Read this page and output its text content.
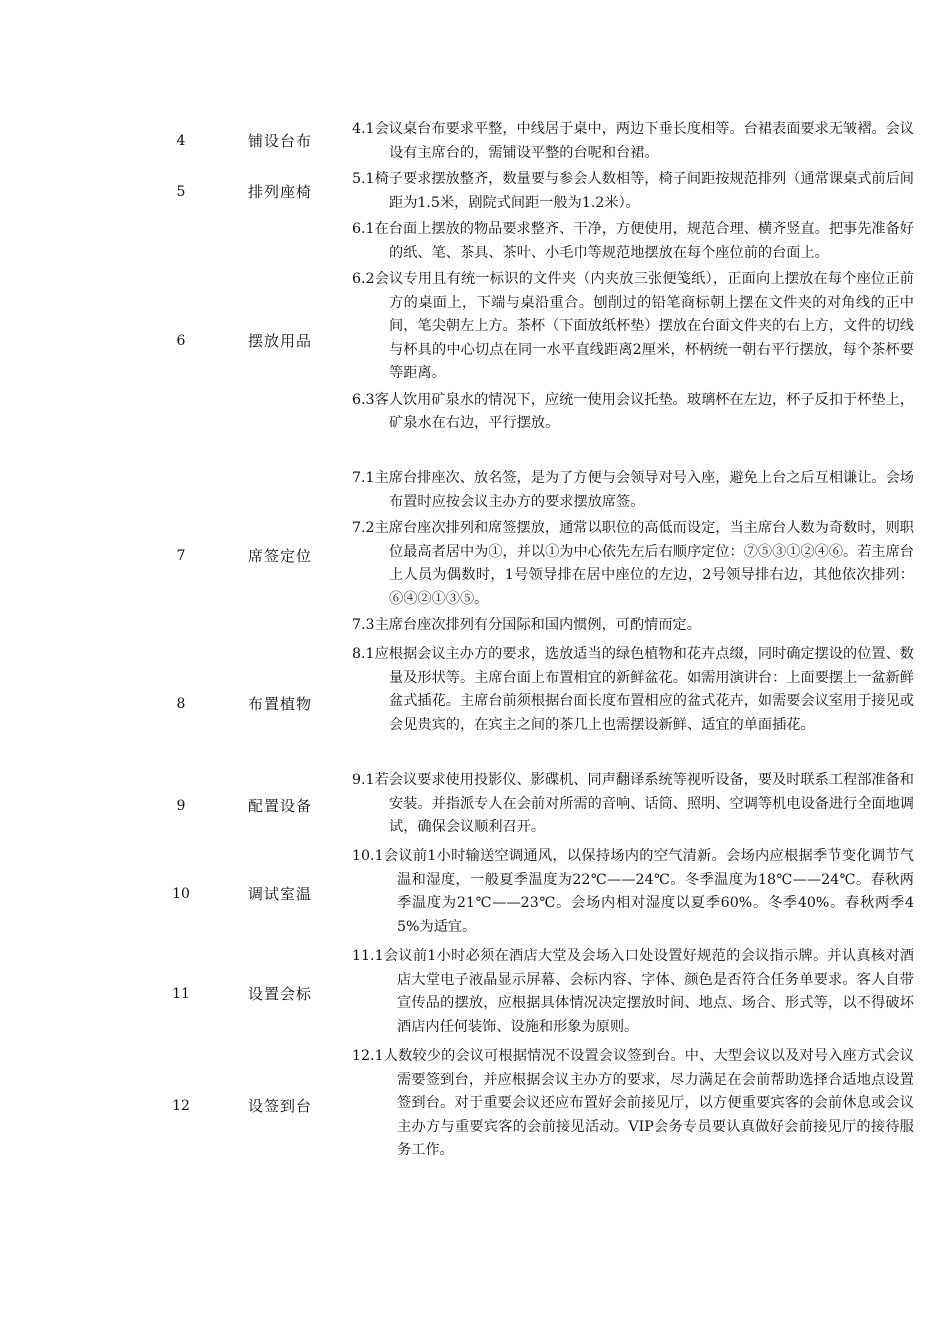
4	铺设台布

4.1会议桌台布要求平整，中线居于桌中，两边下垂长度相等。台裙表面要求无皱褶。会议设有主席台的，需铺设平整的台呢和台裙。

5	排列座椅

5.1椅子要求摆放整齐，数量要与参会人数相等，椅子间距按规范排列（通常课桌式前后间距为1.5米，剧院式间距一般为1.2米）。

6	摆放用品

6.1在台面上摆放的物品要求整齐、干净，方便使用，规范合理、横齐竖直。把事先准备好的纸、笔、茶具、茶叶、小毛巾等规范地摆放在每个座位前的台面上。

6.2会议专用且有统一标识的文件夹（内夹放三张便笺纸），正面向上摆放在每个座位正前方的桌面上，下端与桌沿重合。刨削过的铅笔商标朝上摆在文件夹的对角线的正中间，笔尖朝左上方。茶杯（下面放纸杯垫）摆放在台面文件夹的右上方，文件的切线与杯具的中心切点在同一水平直线距离2厘米，杯柄统一朝右平行摆放，每个茶杯要等距离。

6.3客人饮用矿泉水的情况下，应统一使用会议托垫。玻璃杯在左边，杯子反扣于杯垫上，矿泉水在右边，平行摆放。

7	席签定位

7.1主席台排座次、放名签，是为了方便与会领导对号入座，避免上台之后互相谦让。会场布置时应按会议主办方的要求摆放席签。

7.2主席台座次排列和席签摆放，通常以职位的高低而设定，当主席台人数为奇数时，则职位最高者居中为①，并以①为中心依先左后右顺序定位：⑦⑤③①②④⑥。若主席台上人员为偶数时，1号领导排在居中座位的左边，2号领导排右边，其他依次排列：⑥④②①③⑤。

7.3主席台座次排列有分国际和国内惯例，可酌情而定。

8	布置植物

8.1应根据会议主办方的要求，选放适当的绿色植物和花卉点缀，同时确定摆设的位置、数量及形状等。主席台面上布置相宜的新鲜盆花。如需用演讲台：上面要摆上一盆新鲜盆式插花。主席台前须根据台面长度布置相应的盆式花卉，如需要会议室用于接见或会见贵宾的，在宾主之间的茶几上也需摆设新鲜、适宜的单面插花。

9	配置设备

9.1若会议要求使用投影仪、影碟机、同声翻译系统等视听设备，要及时联系工程部准备和安装。并指派专人在会前对所需的音响、话筒、照明、空调等机电设备进行全面地调试，确保会议顺利召开。

10	调试室温

10.1会议前1小时输送空调通风，以保持场内的空气清新。会场内应根据季节变化调节气温和湿度，一般夏季温度为22℃——24℃。冬季温度为18℃——24℃。春秋两季温度为21℃——23℃。会场内相对湿度以夏季60%。冬季40%。春秋两季45%为适宜。

11	设置会标

11.1会议前1小时必须在酒店大堂及会场入口处设置好规范的会议指示牌。并认真核对酒店大堂电子液晶显示屏幕、会标内容、字体、颜色是否符合任务单要求。客人自带宣传品的摆放，应根据具体情况决定摆放时间、地点、场合、形式等，以不得破坏酒店内任何装饰、设施和形象为原则。

12	设签到台

12.1人数较少的会议可根据情况不设置会议签到台。中、大型会议以及对号入座方式会议需要签到台，并应根据会议主办方的要求，尽力满足在会前帮助选择合适地点设置签到台。对于重要会议还应布置好会前接见厅，以方便重要宾客的会前休息或会议主办方与重要宾客的会前接见活动。VIP会务专员要认真做好会前接见厅的接待服务工作。
